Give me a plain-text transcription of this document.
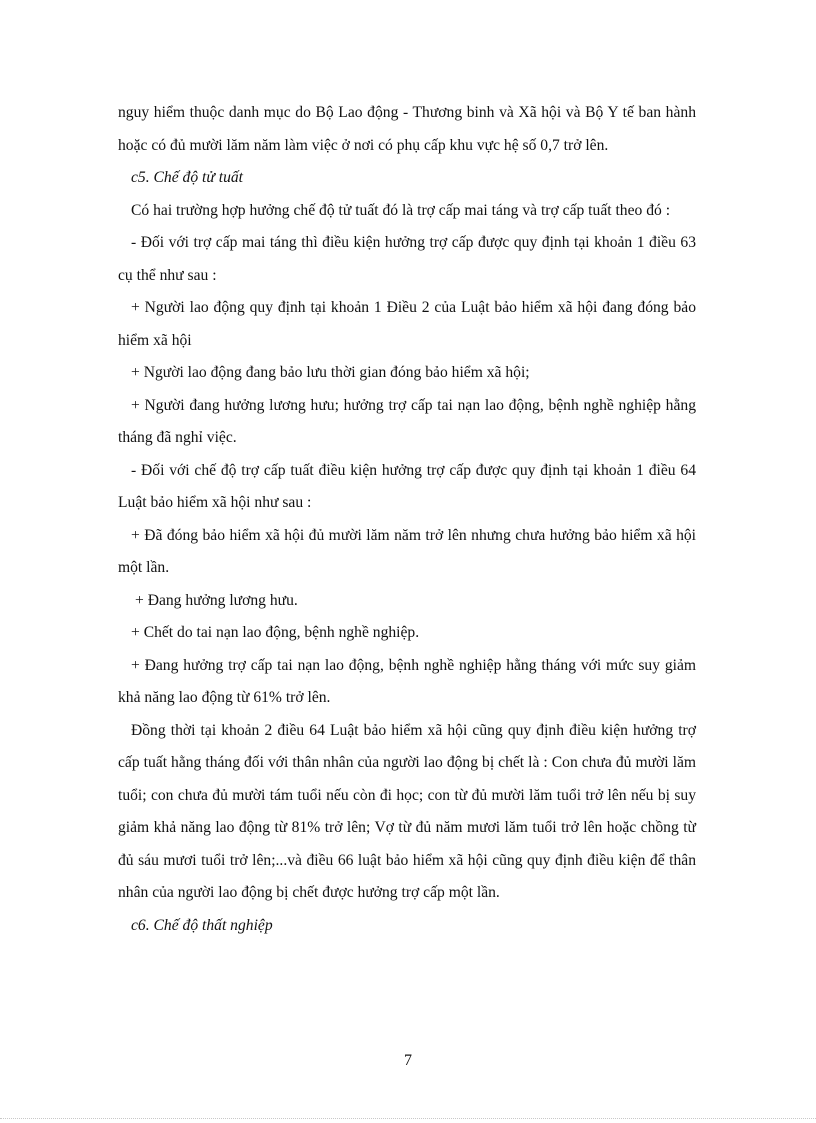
nguy hiểm thuộc danh mục do Bộ Lao động - Thương binh và Xã hội và Bộ Y tế ban hành hoặc có đủ mười lăm năm làm việc ở nơi có phụ cấp khu vực hệ số 0,7 trở lên.

c5. Chế độ tử tuất

Có hai trường hợp hưởng chế độ tử tuất đó là trợ cấp mai táng và trợ cấp tuất theo đó :

- Đối với trợ cấp mai táng thì điều kiện hưởng trợ cấp được quy định tại khoản 1 điều 63 cụ thể như sau :

+ Người lao động quy định tại khoản 1 Điều 2 của Luật bảo hiểm xã hội đang đóng bảo hiểm xã hội

+ Người lao động đang bảo lưu thời gian đóng bảo hiểm xã hội;

+ Người đang hưởng lương hưu; hưởng trợ cấp tai nạn lao động, bệnh nghề nghiệp hằng tháng đã nghỉ việc.

- Đối với chế độ trợ cấp tuất điều kiện hưởng trợ cấp được quy định tại khoản 1 điều 64 Luật bảo hiểm xã hội như sau :

+ Đã đóng bảo hiểm xã hội đủ mười lăm năm trở lên nhưng chưa hưởng bảo hiểm xã hội một lần.

+ Đang hưởng lương hưu.

+ Chết do tai nạn lao động, bệnh nghề nghiệp.

+ Đang hưởng trợ cấp tai nạn lao động, bệnh nghề nghiệp hằng tháng với mức suy giảm khả năng lao động từ 61% trở lên.

Đồng thời tại khoản 2 điều 64 Luật bảo hiểm xã hội cũng quy định điều kiện hưởng trợ cấp tuất hằng tháng đối với thân nhân của người lao động bị chết là : Con chưa đủ mười lăm tuổi; con chưa đủ mười tám tuổi nếu còn đi học; con từ đủ mười lăm tuổi trở lên nếu bị suy giảm khả năng lao động từ 81% trở lên; Vợ từ đủ năm mươi lăm tuổi trở lên hoặc chồng từ đủ sáu mươi tuổi trở lên;...và điều 66 luật bảo hiểm xã hội cũng quy định điều kiện để thân nhân của người lao động bị chết được hưởng trợ cấp một lần.

c6. Chế độ thất nghiệp

7
